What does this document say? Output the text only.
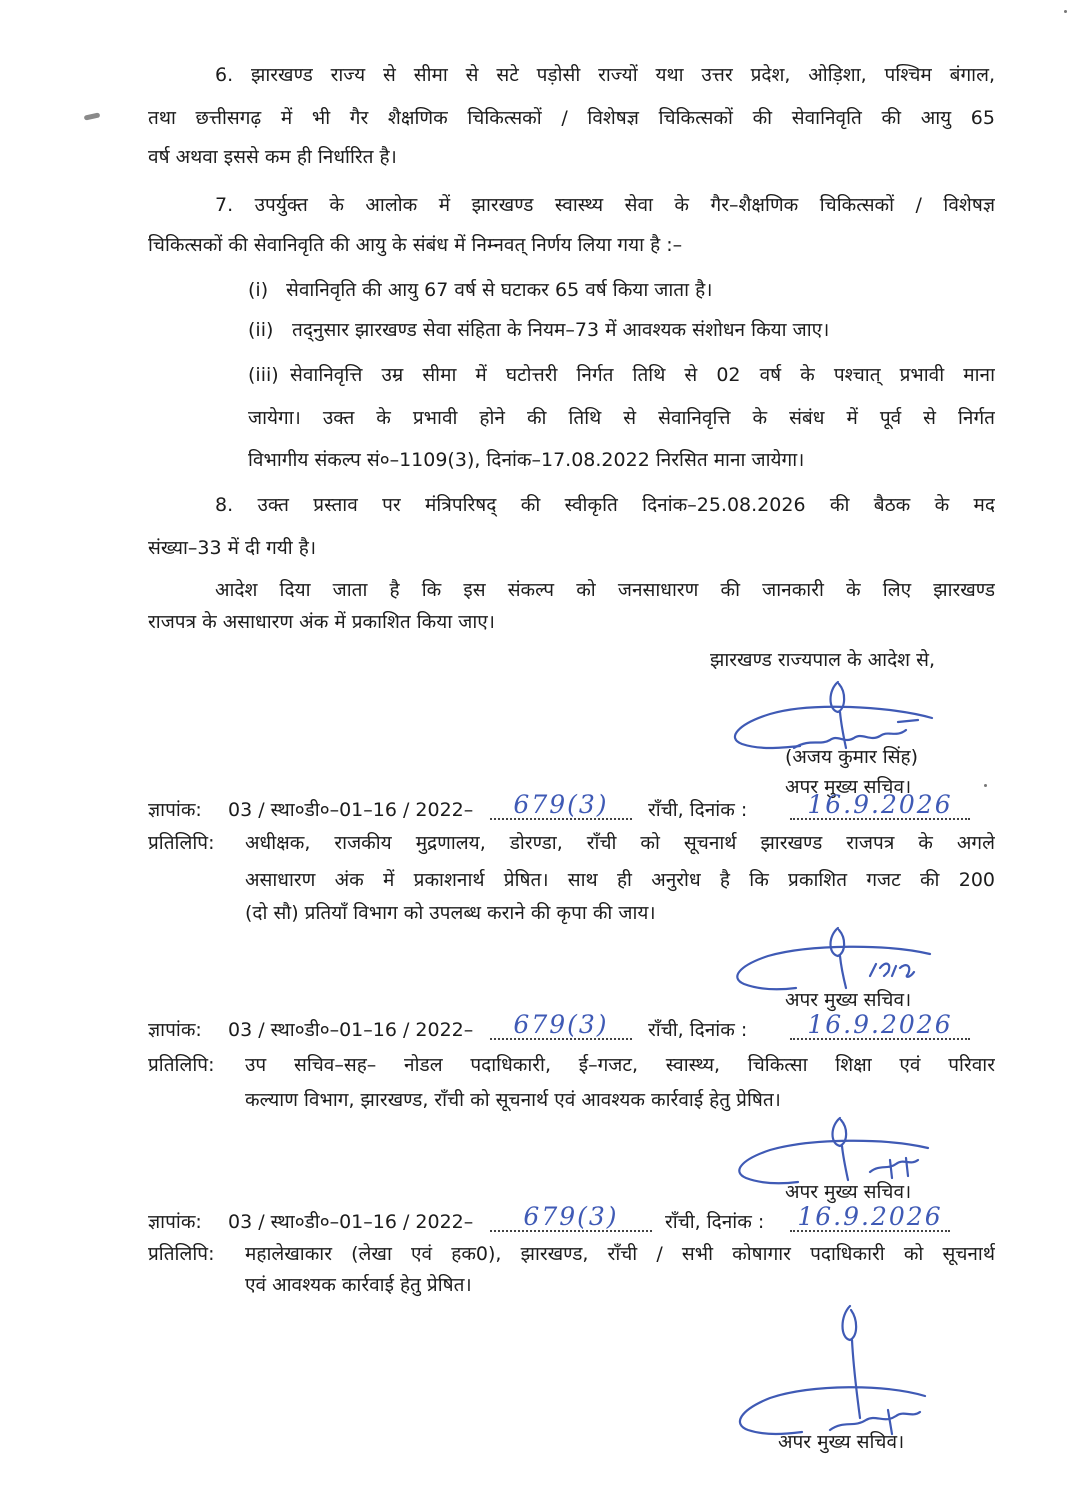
6. झारखण्ड राज्य से सीमा से सटे पड़ोसी राज्यों यथा उत्तर प्रदेश, ओड़िशा, पश्चिम बंगाल,
तथा छत्तीसगढ़ में भी गैर शैक्षणिक चिकित्सकों / विशेषज्ञ चिकित्सकों की सेवानिवृति की आयु 65
वर्ष अथवा इससे कम ही निर्धारित है।
7. उपर्युक्त के आलोक में झारखण्ड स्वास्थ्य सेवा के गैर–शैक्षणिक चिकित्सकों / विशेषज्ञ
चिकित्सकों की सेवानिवृति की आयु के संबंध में निम्नवत् निर्णय लिया गया है :–
(i) सेवानिवृति की आयु 67 वर्ष से घटाकर 65 वर्ष किया जाता है।
(ii) तद्नुसार झारखण्ड सेवा संहिता के नियम–73 में आवश्यक संशोधन किया जाए।
(iii) सेवानिवृत्ति उम्र सीमा में घटोत्तरी निर्गत तिथि से 02 वर्ष के पश्चात् प्रभावी माना
जायेगा। उक्त के प्रभावी होने की तिथि से सेवानिवृत्ति के संबंध में पूर्व से निर्गत
विभागीय संकल्प सं०–1109(3), दिनांक–17.08.2022 निरसित माना जायेगा।
8. उक्त प्रस्ताव पर मंत्रिपरिषद् की स्वीकृति दिनांक–25.08.2026 की बैठक के मद
संख्या–33 में दी गयी है।
आदेश दिया जाता है कि इस संकल्प को जनसाधारण की जानकारी के लिए झारखण्ड
राजपत्र के असाधारण अंक में प्रकाशित किया जाए।
झारखण्ड राज्यपाल के आदेश से,
(अजय कुमार सिंह)
अपर मुख्य सचिव।
ज्ञापांक:	03 / स्था०डी०–01–16 / 2022–	679(3)	राँची, दिनांक :	16.9.2026
प्रतिलिपि:	अधीक्षक, राजकीय मुद्रणालय, डोरण्डा, राँची को सूचनार्थ झारखण्ड राजपत्र के अगले
असाधारण अंक में प्रकाशनार्थ प्रेषित। साथ ही अनुरोध है कि प्रकाशित गजट की 200
(दो सौ) प्रतियाँ विभाग को उपलब्ध कराने की कृपा की जाय।
अपर मुख्य सचिव।
ज्ञापांक:	03 / स्था०डी०–01–16 / 2022–	679(3)	राँची, दिनांक :	16.9.2026
प्रतिलिपि:	उप सचिव–सह– नोडल पदाधिकारी, ई–गजट, स्वास्थ्य, चिकित्सा शिक्षा एवं परिवार
कल्याण विभाग, झारखण्ड, राँची को सूचनार्थ एवं आवश्यक कार्रवाई हेतु प्रेषित।
अपर मुख्य सचिव।
ज्ञापांक:	03 / स्था०डी०–01–16 / 2022–	679(3)	राँची, दिनांक :	16.9.2026
प्रतिलिपि:	महालेखाकार (लेखा एवं हक0), झारखण्ड, राँची / सभी कोषागार पदाधिकारी को सूचनार्थ
एवं आवश्यक कार्रवाई हेतु प्रेषित।
अपर मुख्य सचिव।
